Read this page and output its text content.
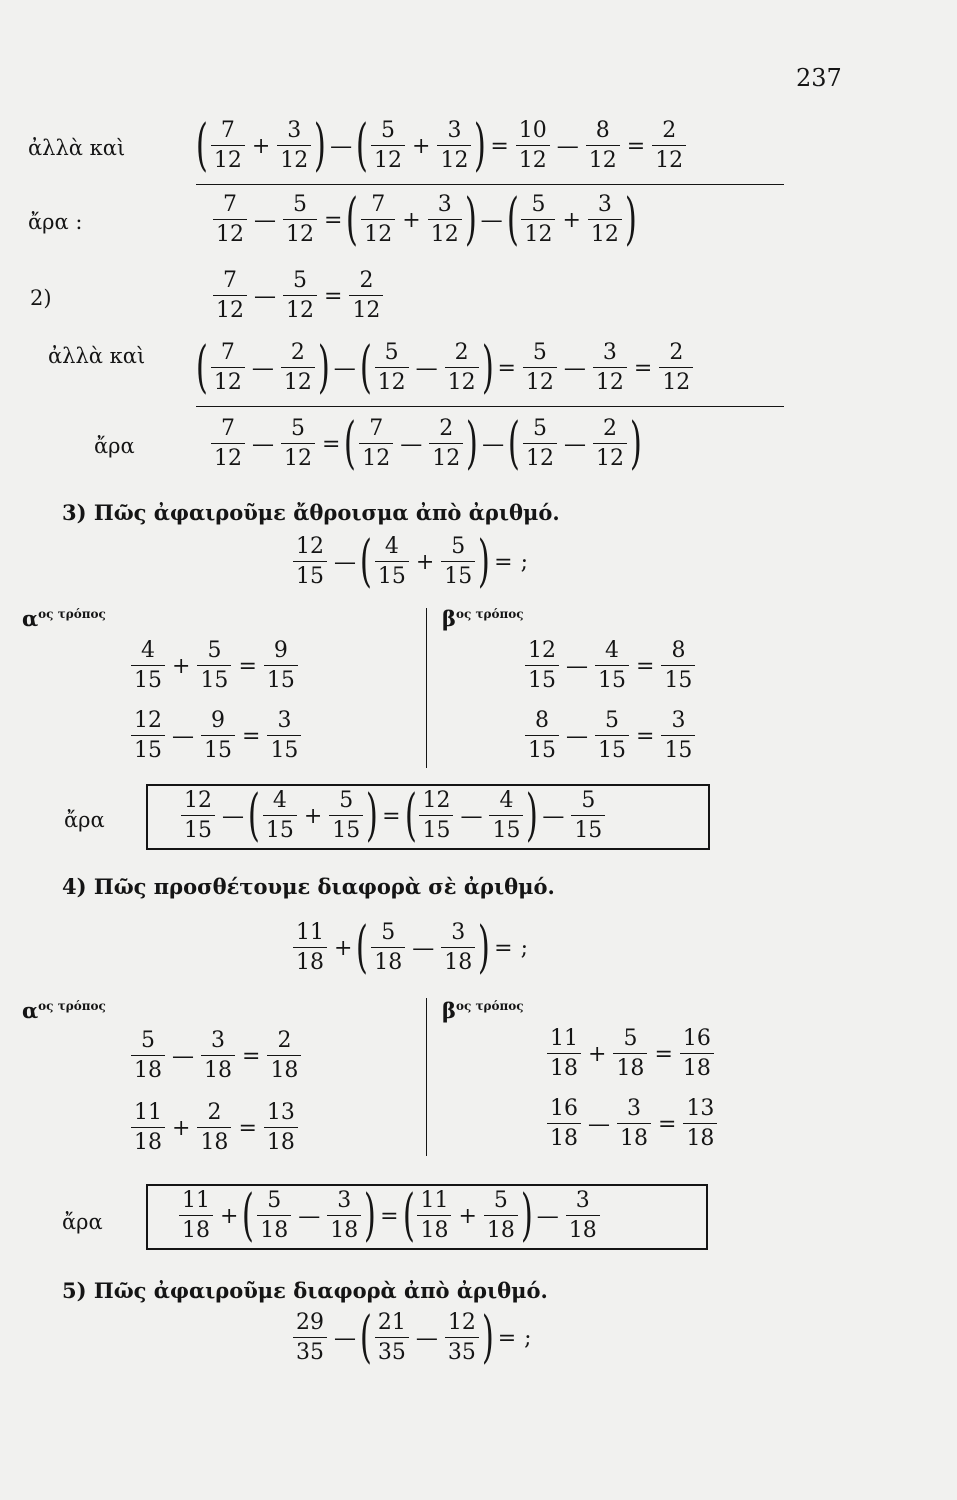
237
ἀλλὰ καὶ ( $\frac{7}{12} + \frac{3}{12}$ ) — ( $\frac{5}{12} + \frac{3}{12}$ ) = $\frac{10}{12}$ — $\frac{8}{12} = \frac{2}{12}$
ἄρα :	$\frac{7}{12}$ — $\frac{5}{12}$ = ( $\frac{7}{12} + \frac{3}{12}$ ) — ( $\frac{5}{12} + \frac{3}{12}$ )
2)	$\frac{7}{12}$ — $\frac{5}{12} = \frac{2}{12}$
ἀλλὰ καὶ ( $\frac{7}{12}$ — $\frac{2}{12}$ ) — ( $\frac{5}{12}$ — $\frac{2}{12}$ ) = $\frac{5}{12}$ — $\frac{3}{12} = \frac{2}{12}$
ἄρα	$\frac{7}{12}$ — $\frac{5}{12}$ = ( $\frac{7}{12}$ — $\frac{2}{12}$ ) — ( $\frac{5}{12}$ — $\frac{2}{12}$ )
3) Πῶς ἀφαιροῦμε ἄθροισμα ἀπὸ ἀριθμό.
$\frac{12}{15}$ — ( $\frac{4}{15} + \frac{5}{15}$ ) = ;
$\alpha^{o\varsigma \tau\rho ό\pi o\varsigma}$	$\beta^{o\varsigma \tau\rho ό\pi o\varsigma}$
$\frac{4}{15} + \frac{5}{15} = \frac{9}{15}$
$\frac{12}{15}$ — $\frac{9}{15} = \frac{3}{15}$
$\frac{12}{15}$ — $\frac{4}{15} = \frac{8}{15}$
$\frac{8}{15}$ — $\frac{5}{15} = \frac{3}{15}$
ἄρα	$\frac{12}{15}$ — ( $\frac{4}{15} + \frac{5}{15}$ ) = ( $\frac{12}{15}$ — $\frac{4}{15}$ ) — $\frac{5}{15}$
4) Πῶς προσθέτουμε διαφορὰ σὲ ἀριθμό.
$\frac{11}{18}$ + ( $\frac{5}{18}$ — $\frac{3}{18}$ ) = ;
$\alpha^{o\varsigma \tau\rho ό\pi o\varsigma}$	$\beta^{o\varsigma \tau\rho ό\pi o\varsigma}$
$\frac{5}{18}$ — $\frac{3}{18} = \frac{2}{18}$
$\frac{11}{18} + \frac{2}{18} = \frac{13}{18}$
$\frac{11}{18} + \frac{5}{18} = \frac{16}{18}$
$\frac{16}{18}$ — $\frac{3}{18} = \frac{13}{18}$
ἄρα	$\frac{11}{18}$ + ( $\frac{5}{18}$ — $\frac{3}{18}$ ) = ( $\frac{11}{18} + \frac{5}{18}$ ) — $\frac{3}{18}$
5) Πῶς ἀφαιροῦμε διαφορὰ ἀπὸ ἀριθμό.
$\frac{29}{35}$ — ( $\frac{21}{35}$ — $\frac{12}{35}$ ) = ;
